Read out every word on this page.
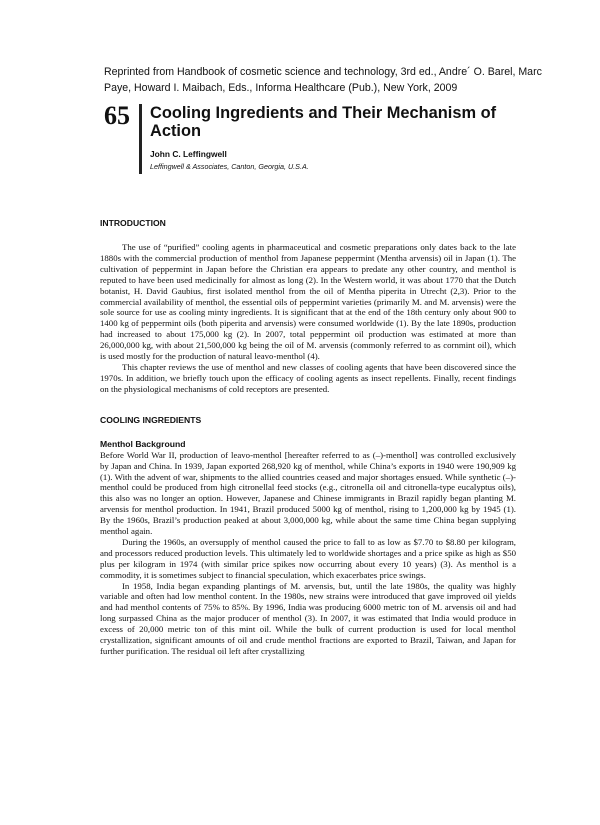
Reprinted from Handbook of cosmetic science and technology, 3rd ed., Andre´ O. Barel, Marc Paye, Howard I. Maibach, Eds., Informa Healthcare (Pub.), New York, 2009
65 Cooling Ingredients and Their Mechanism of Action
John C. Leffingwell
Leffingwell & Associates, Canton, Georgia, U.S.A.
INTRODUCTION

The use of “purified” cooling agents in pharmaceutical and cosmetic preparations only dates back to the late 1880s with the commercial production of menthol from Japanese peppermint (Mentha arvensis) oil in Japan (1). The cultivation of peppermint in Japan before the Christian era appears to predate any other country, and menthol is reputed to have been used medicinally for almost as long (2). In the Western world, it was about 1770 that the Dutch botanist, H. David Gaubius, first isolated menthol from the oil of Mentha piperita in Utrecht (2,3). Prior to the commercial availability of menthol, the essential oils of peppermint varieties (primarily M. and M. arvensis) were the sole source for use as cooling minty ingredients. It is significant that at the end of the 18th century only about 900 to 1400 kg of peppermint oils (both piperita and arvensis) were consumed worldwide (1). By the late 1890s, production had increased to about 175,000 kg (2). In 2007, total peppermint oil production was estimated at more than 26,000,000 kg, with about 21,500,000 kg being the oil of M. arvensis (commonly referred to as cornmint oil), which is used mostly for the production of natural leavo-menthol (4).

This chapter reviews the use of menthol and new classes of cooling agents that have been discovered since the 1970s. In addition, we briefly touch upon the efficacy of cooling agents as insect repellents. Finally, recent findings on the physiological mechanisms of cold receptors are presented.

COOLING INGREDIENTS
Menthol Background

Before World War II, production of leavo-menthol [hereafter referred to as (–)-menthol] was controlled exclusively by Japan and China. In 1939, Japan exported 268,920 kg of menthol, while China’s exports in 1940 were 190,909 kg (1). With the advent of war, shipments to the allied countries ceased and major shortages ensued. While synthetic (–)-menthol could be produced from high citronellal feed stocks (e.g., citronella oil and citronella-type eucalyptus oils), this also was no longer an option. However, Japanese and Chinese immigrants in Brazil rapidly began planting M. arvensis for menthol production. In 1941, Brazil produced 5000 kg of menthol, rising to 1,200,000 kg by 1945 (1). By the 1960s, Brazil’s production peaked at about 3,000,000 kg, while about the same time China began supplying menthol again.

During the 1960s, an oversupply of menthol caused the price to fall to as low as $7.70 to $8.80 per kilogram, and processors reduced production levels. This ultimately led to worldwide shortages and a price spike as high as $50 plus per kilogram in 1974 (with similar price spikes now occurring about every 10 years) (3). As menthol is a commodity, it is sometimes subject to financial speculation, which exacerbates price swings.

In 1958, India began expanding plantings of M. arvensis, but, until the late 1980s, the quality was highly variable and often had low menthol content. In the 1980s, new strains were introduced that gave improved oil yields and had menthol contents of 75% to 85%. By 1996, India was producing 6000 metric ton of M. arvensis oil and had long surpassed China as the major producer of menthol (3). In 2007, it was estimated that India would produce in excess of 20,000 metric ton of this mint oil. While the bulk of current production is used for local menthol crystallization, significant amounts of oil and crude menthol fractions are exported to Brazil, Taiwan, and Japan for further purification. The residual oil left after crystallizing
